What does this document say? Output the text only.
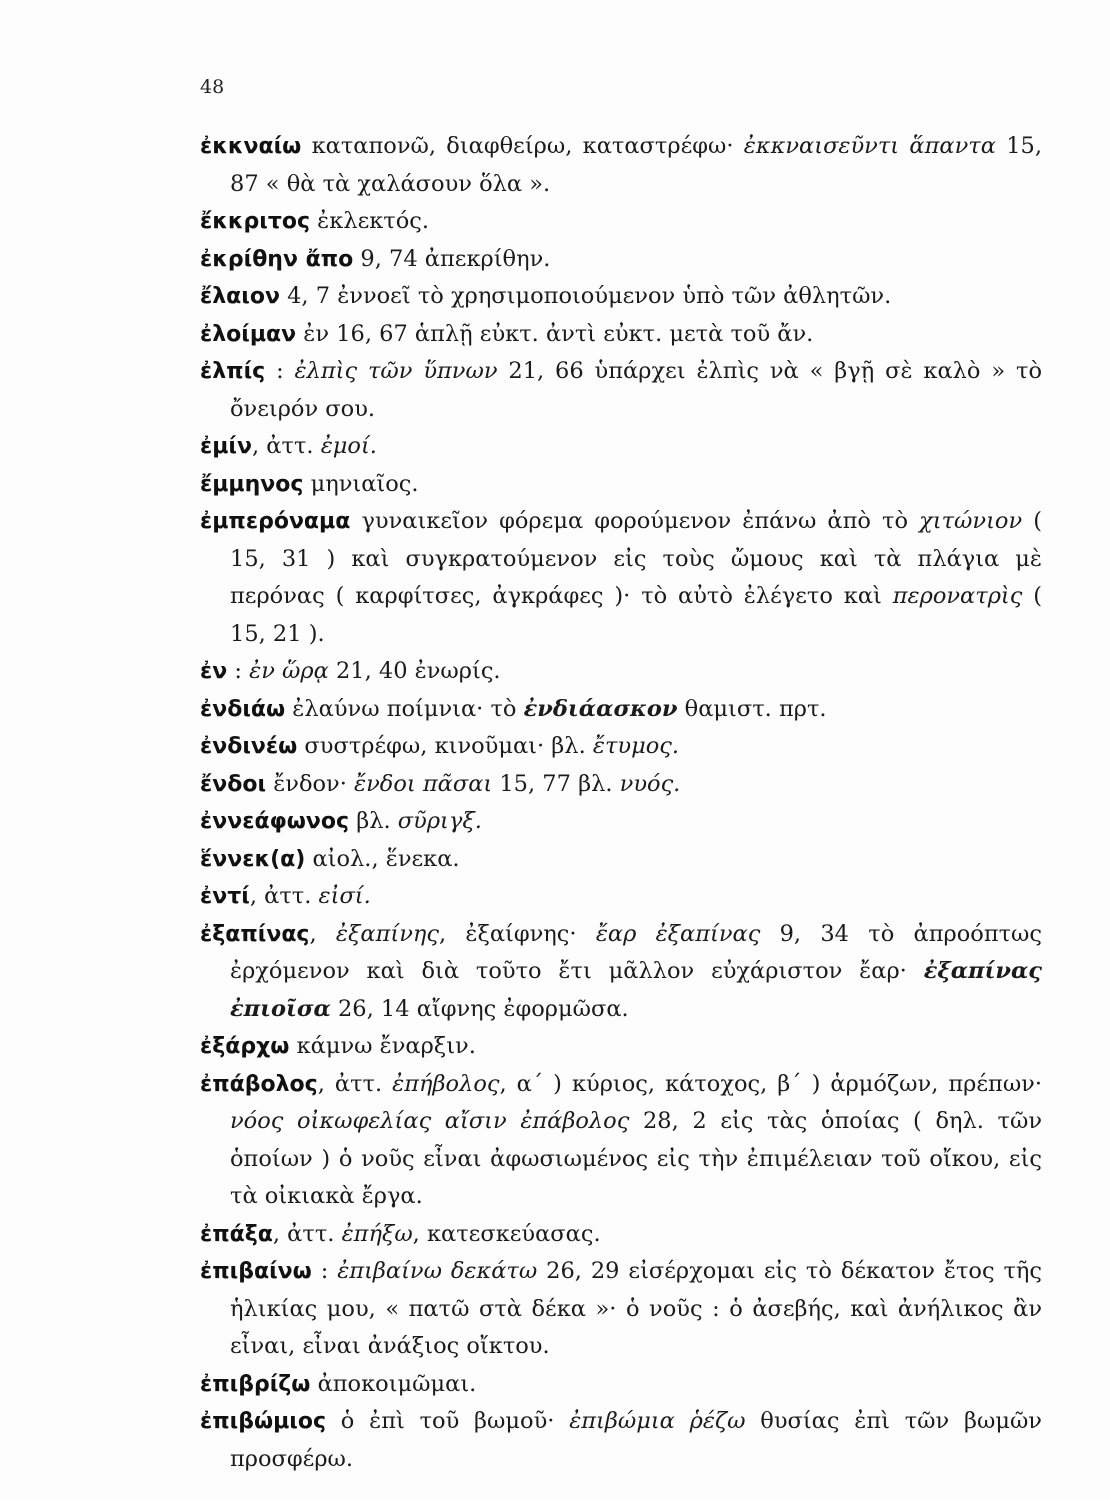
48

ἐκκναίω καταπονῶ, διαφθείρω, καταστρέφω· ἐκκναισεῦντι ἅπαντα 15, 87 « θὰ τὰ χαλάσουν ὅλα ».

ἔκκριτος ἐκλεκτός.

ἐκρίθην ἄπο 9, 74 ἀπεκρίθην.

ἔλαιον 4, 7 ἐννοεῖ τὸ χρησιμοποιούμενον ὑπὸ τῶν ἀθλητῶν.

ἐλοίμαν ἐν 16, 67 ἁπλῇ εὐκτ. ἀντὶ εὐκτ. μετὰ τοῦ ἄν.

ἐλπίς : ἐλπὶς τῶν ὕπνων 21, 66 ὑπάρχει ἐλπὶς νὰ « βγῇ σὲ καλὸ » τὸ ὄνειρόν σου.

ἐμίν, ἀττ. ἐμοί.

ἔμμηνος μηνιαῖος.

ἐμπερόναμα γυναικεῖον φόρεμα φορούμενον ἐπάνω ἀπὸ τὸ χιτώνιον ( 15, 31 ) καὶ συγκρατούμενον εἰς τοὺς ὤμους καὶ τὰ πλάγια μὲ περόνας ( καρφίτσες, ἀγκράφες )· τὸ αὐτὸ ἐλέγετο καὶ περονατρὶς ( 15, 21 ).

ἐν : ἐν ὥρᾳ 21, 40 ἐνωρίς.

ἐνδιάω ἐλαύνω ποίμνια· τὸ ἐνδιάασκον θαμιστ. πρτ.

ἐνδινέω συστρέφω, κινοῦμαι· βλ. ἔτυμος.

ἔνδοι ἔνδον· ἔνδοι πᾶσαι 15, 77 βλ. νυός.

ἐννεάφωνος βλ. σῦριγξ.

ἕννεκ(α) αἰολ., ἕνεκα.

ἐντί, ἀττ. εἰσί.

ἐξαπίνας, ἐξαπίνης, ἐξαίφνης· ἔαρ ἐξαπίνας 9, 34 τὸ ἀπροόπτως ἐρχόμενον καὶ διὰ τοῦτο ἔτι μᾶλλον εὐχάριστον ἔαρ· ἐξαπίνας ἐπιοῖσα 26, 14 αἴφνης ἐφορμῶσα.

ἐξάρχω κάμνω ἔναρξιν.

ἐπάβολος, ἀττ. ἐπήβολος, α΄ ) κύριος, κάτοχος, β΄ ) ἁρμόζων, πρέπων· νόος οἰκωφελίας αἴσιν ἐπάβολος 28, 2 εἰς τὰς ὁποίας ( δηλ. τῶν ὁποίων ) ὁ νοῦς εἶναι ἀφωσιωμένος εἰς τὴν ἐπιμέλειαν τοῦ οἴκου, εἰς τὰ οἰκιακὰ ἔργα.

ἐπάξα, ἀττ. ἐπήξω, κατεσκεύασας.

ἐπιβαίνω : ἐπιβαίνω δεκάτω 26, 29 εἰσέρχομαι εἰς τὸ δέκατον ἔτος τῆς ἡλικίας μου, « πατῶ στὰ δέκα »· ὁ νοῦς : ὁ ἀσεβής, καὶ ἀνήλικος ἂν εἶναι, εἶναι ἀνάξιος οἴκτου.

ἐπιβρίζω ἀποκοιμῶμαι.

ἐπιβώμιος ὁ ἐπὶ τοῦ βωμοῦ· ἐπιβώμια ῥέζω θυσίας ἐπὶ τῶν βωμῶν προσφέρω.
